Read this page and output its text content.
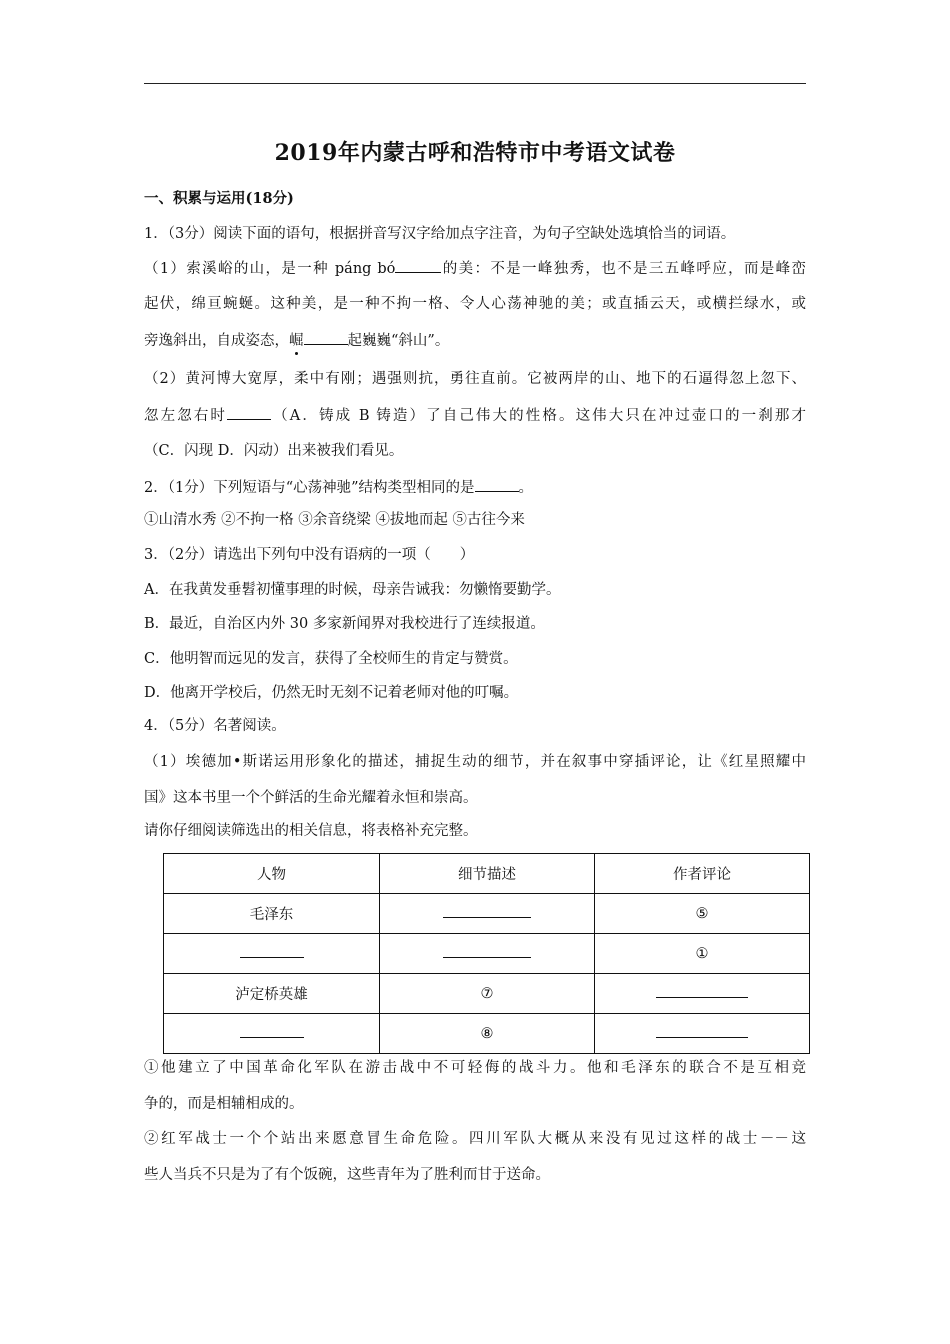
2019年内蒙古呼和浩特市中考语文试卷
一、积累与运用(18分)
1．（3分）阅读下面的语句，根据拼音写汉字给加点字注音，为句子空缺处选填恰当的词语。
（1）索溪峪的山，是一种 páng bó	的美：不是一峰独秀，也不是三五峰呼应，而是峰峦
起伏，绵亘蜿蜒。这种美，是一种不拘一格、令人心荡神驰的美；或直插云天，或横拦绿水，或
旁逸斜出，自成姿态，崛	起巍巍“斜山”。
（2）黄河博大宽厚，柔中有刚；遇强则抗，勇往直前。它被两岸的山、地下的石逼得忽上忽下、
忽左忽右时	（A．铸成 B 铸造）了自己伟大的性格。这伟大只在冲过壶口的一刹那才
（C．闪现 D．闪动）出来被我们看见。
2．（1分）下列短语与“心荡神驰”结构类型相同的是	。
①山清水秀 ②不拘一格 ③余音绕梁 ④拔地而起 ⑤古往今来
3．（2分）请选出下列句中没有语病的一项（　　）
A．在我黄发垂髫初懂事理的时候，母亲告诫我：勿懒惰要勤学。
B．最近，自治区内外 30 多家新闻界对我校进行了连续报道。
C．他明智而远见的发言，获得了全校师生的肯定与赞赏。
D．他离开学校后，仍然无时无刻不记着老师对他的叮嘱。
4．（5分）名著阅读。
（1）埃德加•斯诺运用形象化的描述，捕捉生动的细节，并在叙事中穿插评论，让《红星照耀中
国》这本书里一个个鲜活的生命光耀着永恒和崇高。
请你仔细阅读筛选出的相关信息，将表格补充完整。
人物	细节描述	作者评论
毛泽东		⑤
		①
泸定桥英雄	⑦	
	⑧	
①他建立了中国革命化军队在游击战中不可轻侮的战斗力。他和毛泽东的联合不是互相竞
争的，而是相辅相成的。
②红军战士一个个站出来愿意冒生命危险。四川军队大概从来没有见过这样的战士－－这
些人当兵不只是为了有个饭碗，这些青年为了胜利而甘于送命。
